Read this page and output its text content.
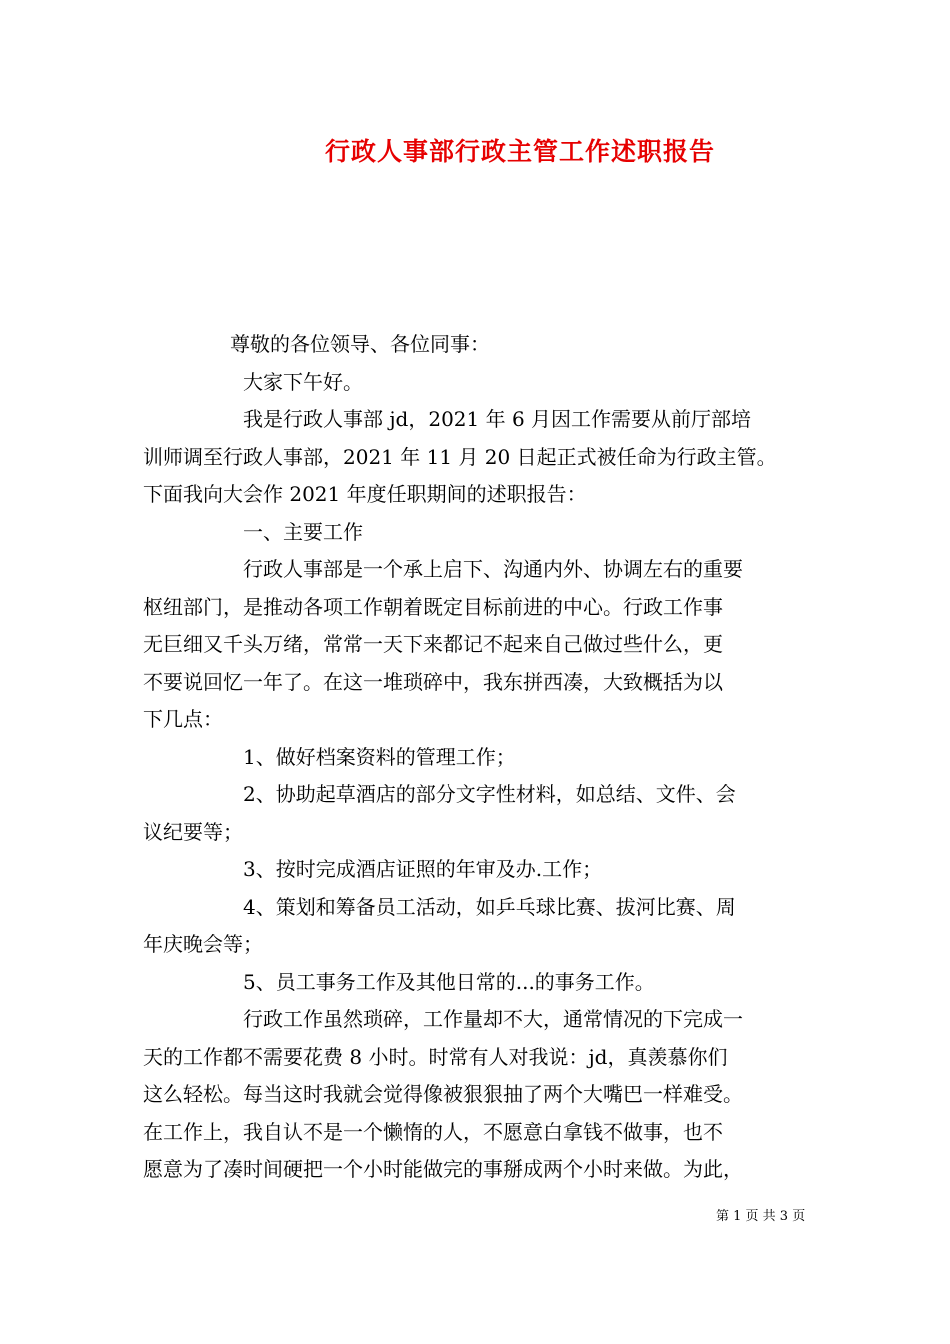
行政人事部行政主管工作述职报告
尊敬的各位领导、各位同事：
大家下午好。
我是行政人事部 jd，2021 年 6 月因工作需要从前厅部培
训师调至行政人事部，2021 年 11 月 20 日起正式被任命为行政主管。
下面我向大会作 2021 年度任职期间的述职报告：
一、主要工作
行政人事部是一个承上启下、沟通内外、协调左右的重要
枢纽部门，是推动各项工作朝着既定目标前进的中心。行政工作事
无巨细又千头万绪，常常一天下来都记不起来自己做过些什么，更
不要说回忆一年了。在这一堆琐碎中，我东拼西凑，大致概括为以
下几点：
1、做好档案资料的管理工作；
2、协助起草酒店的部分文字性材料，如总结、文件、会
议纪要等；
3、按时完成酒店证照的年审及办.工作；
4、策划和筹备员工活动，如乒乓球比赛、拔河比赛、周
年庆晚会等；
5、员工事务工作及其他日常的...的事务工作。
行政工作虽然琐碎，工作量却不大，通常情况的下完成一
天的工作都不需要花费 8 小时。时常有人对我说：jd，真羡慕你们
这么轻松。每当这时我就会觉得像被狠狠抽了两个大嘴巴一样难受。
在工作上，我自认不是一个懒惰的人，不愿意白拿钱不做事，也不
愿意为了凑时间硬把一个小时能做完的事掰成两个小时来做。为此，
第 1 页 共 3 页
